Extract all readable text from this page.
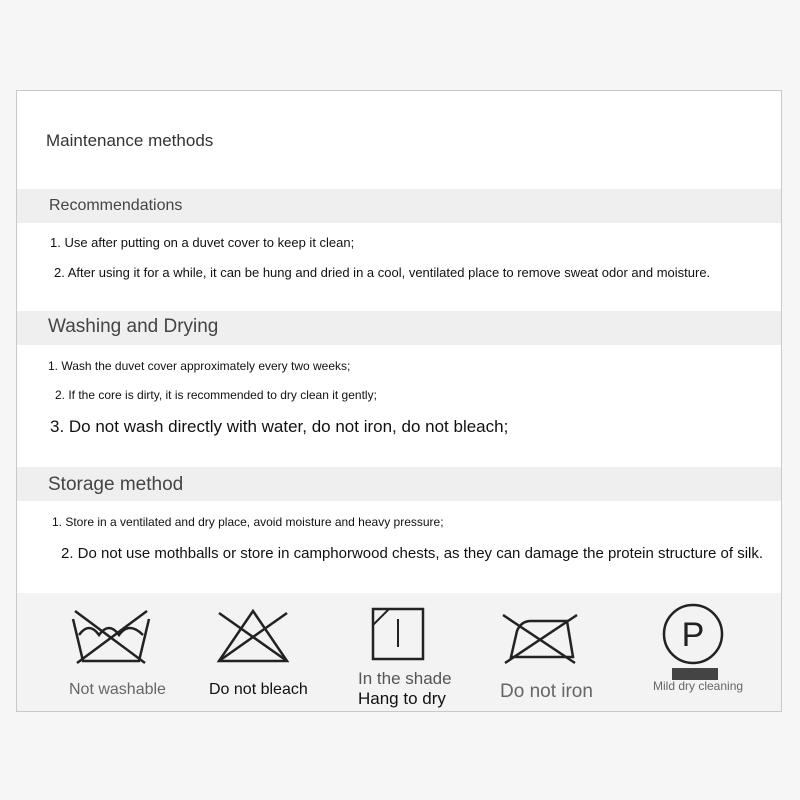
Maintenance methods
Recommendations
1. Use after putting on a duvet cover to keep it clean;
2. After using it for a while, it can be hung and dried in a cool, ventilated place to remove sweat odor and moisture.
Washing and Drying
1. Wash the duvet cover approximately every two weeks;
2. If the core is dirty, it is recommended to dry clean it gently;
3. Do not wash directly with water, do not iron, do not bleach;
Storage method
1. Store in a ventilated and dry place, avoid moisture and heavy pressure;
2. Do not use mothballs or store in camphorwood chests, as they can damage the protein structure of silk.
Not washable	Do not bleach
In the shade
Hang to dry	Do not iron
P
Mild dry cleaning
